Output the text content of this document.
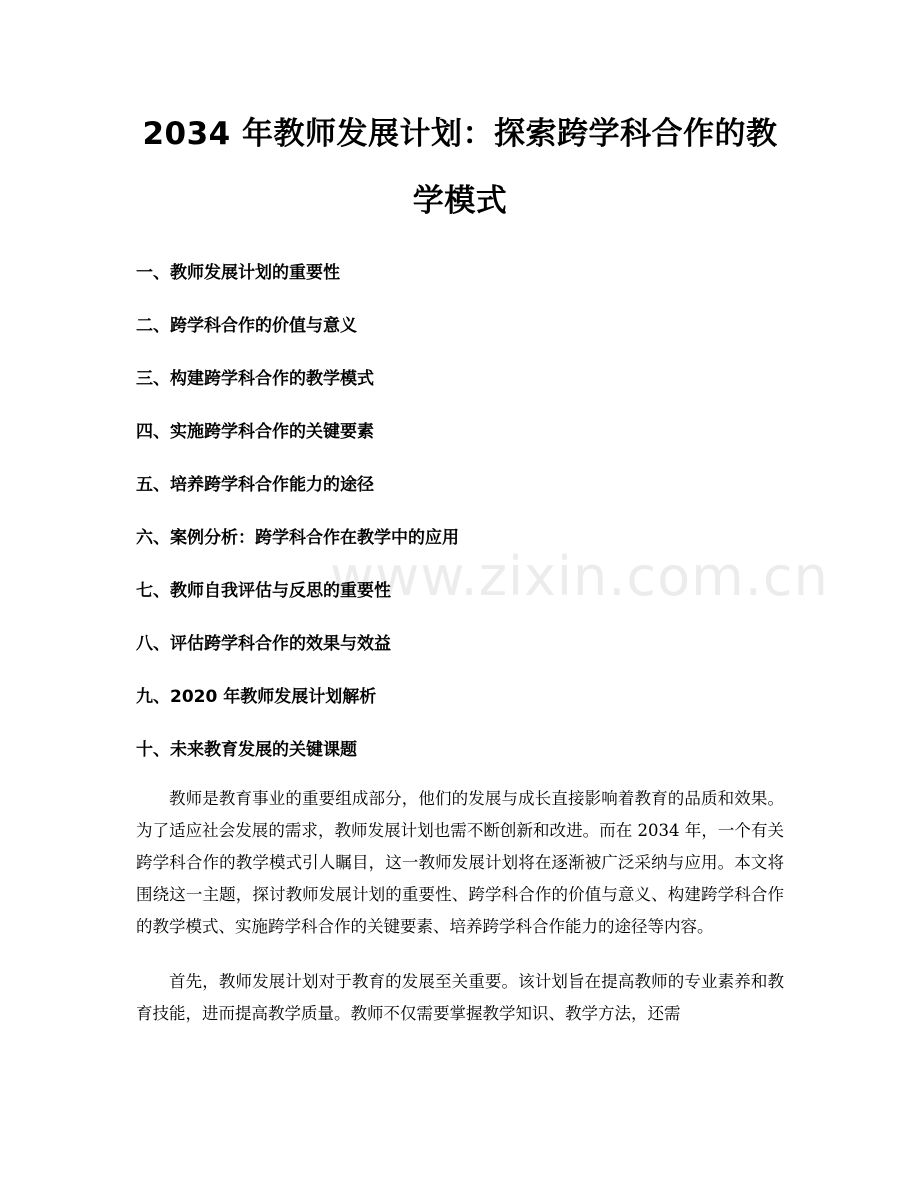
2034 年教师发展计划：探索跨学科合作的教学模式
一、教师发展计划的重要性
二、跨学科合作的价值与意义
三、构建跨学科合作的教学模式
四、实施跨学科合作的关键要素
五、培养跨学科合作能力的途径
六、案例分析：跨学科合作在教学中的应用
七、教师自我评估与反思的重要性
八、评估跨学科合作的效果与效益
九、2020 年教师发展计划解析
十、未来教育发展的关键课题

教师是教育事业的重要组成部分，他们的发展与成长直接影响着教育的品质和效果。为了适应社会发展的需求，教师发展计划也需不断创新和改进。而在 2034 年，一个有关跨学科合作的教学模式引人瞩目，这一教师发展计划将在逐渐被广泛采纳与应用。本文将围绕这一主题，探讨教师发展计划的重要性、跨学科合作的价值与意义、构建跨学科合作的教学模式、实施跨学科合作的关键要素、培养跨学科合作能力的途径等内容。

首先，教师发展计划对于教育的发展至关重要。该计划旨在提高教师的专业素养和教育技能，进而提高教学质量。教师不仅需要掌握教学知识、教学方法，还需

www.zixin.com.cn
